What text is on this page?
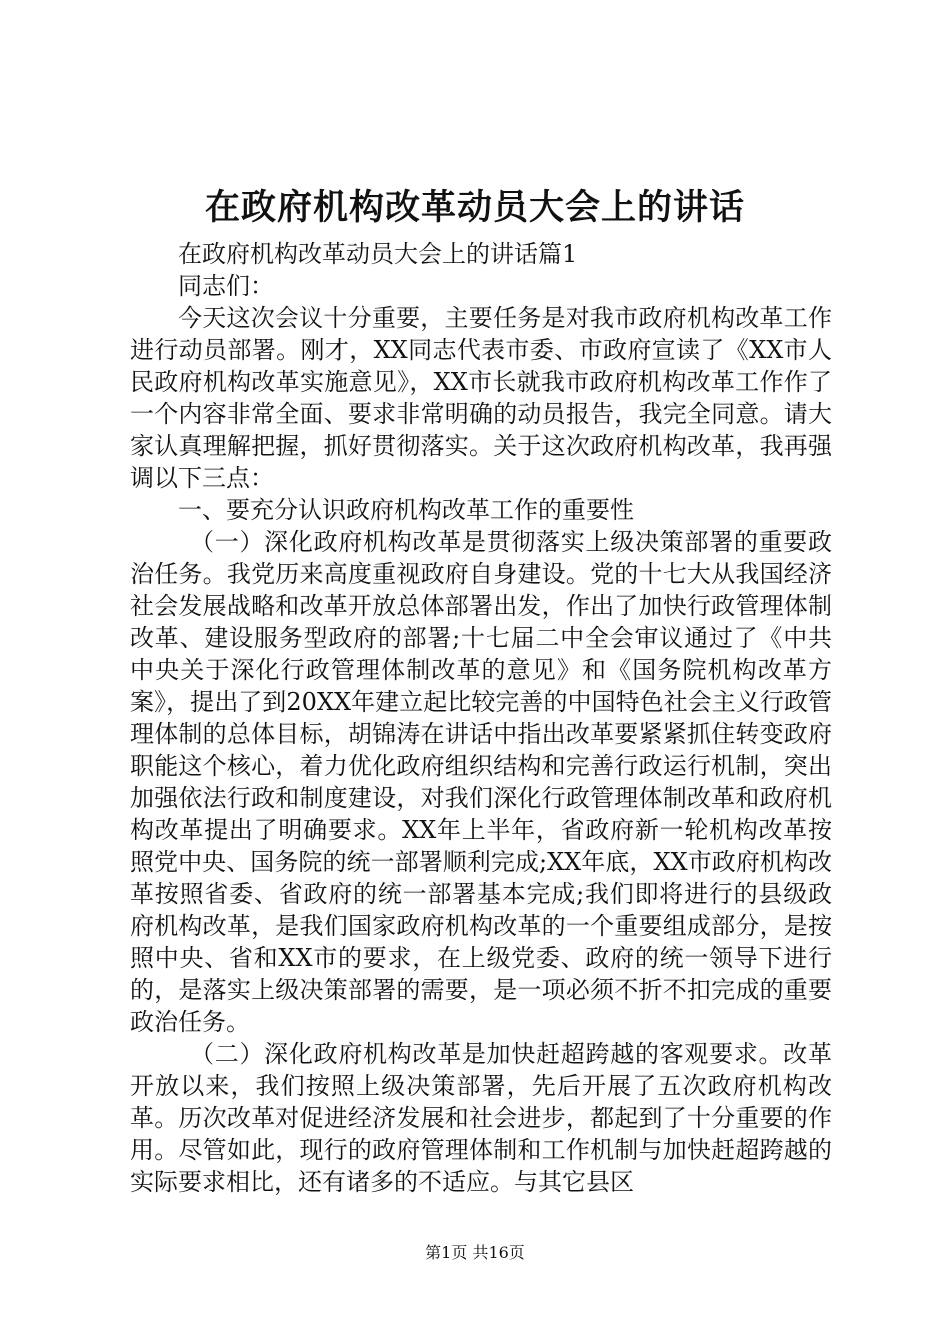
在政府机构改革动员大会上的讲话

在政府机构改革动员大会上的讲话篇1

同志们：

今天这次会议十分重要，主要任务是对我市政府机构改革工作进行动员部署。刚才，XX同志代表市委、市政府宣读了《XX市人民政府机构改革实施意见》，XX市长就我市政府机构改革工作作了一个内容非常全面、要求非常明确的动员报告，我完全同意。请大家认真理解把握，抓好贯彻落实。关于这次政府机构改革，我再强调以下三点：

一、要充分认识政府机构改革工作的重要性

（一）深化政府机构改革是贯彻落实上级决策部署的重要政治任务。我党历来高度重视政府自身建设。党的十七大从我国经济社会发展战略和改革开放总体部署出发，作出了加快行政管理体制改革、建设服务型政府的部署;十七届二中全会审议通过了《中共中央关于深化行政管理体制改革的意见》和《国务院机构改革方案》，提出了到20XX年建立起比较完善的中国特色社会主义行政管理体制的总体目标，胡锦涛在讲话中指出改革要紧紧抓住转变政府职能这个核心，着力优化政府组织结构和完善行政运行机制，突出加强依法行政和制度建设，对我们深化行政管理体制改革和政府机构改革提出了明确要求。XX年上半年，省政府新一轮机构改革按照党中央、国务院的统一部署顺利完成;XX年底，XX市政府机构改革按照省委、省政府的统一部署基本完成;我们即将进行的县级政府机构改革，是我们国家政府机构改革的一个重要组成部分，是按照中央、省和XX市的要求，在上级党委、政府的统一领导下进行的，是落实上级决策部署的需要，是一项必须不折不扣完成的重要政治任务。

（二）深化政府机构改革是加快赶超跨越的客观要求。改革开放以来，我们按照上级决策部署，先后开展了五次政府机构改革。历次改革对促进经济发展和社会进步，都起到了十分重要的作用。尽管如此，现行的政府管理体制和工作机制与加快赶超跨越的实际要求相比，还有诸多的不适应。与其它县区

第1页 共16页
